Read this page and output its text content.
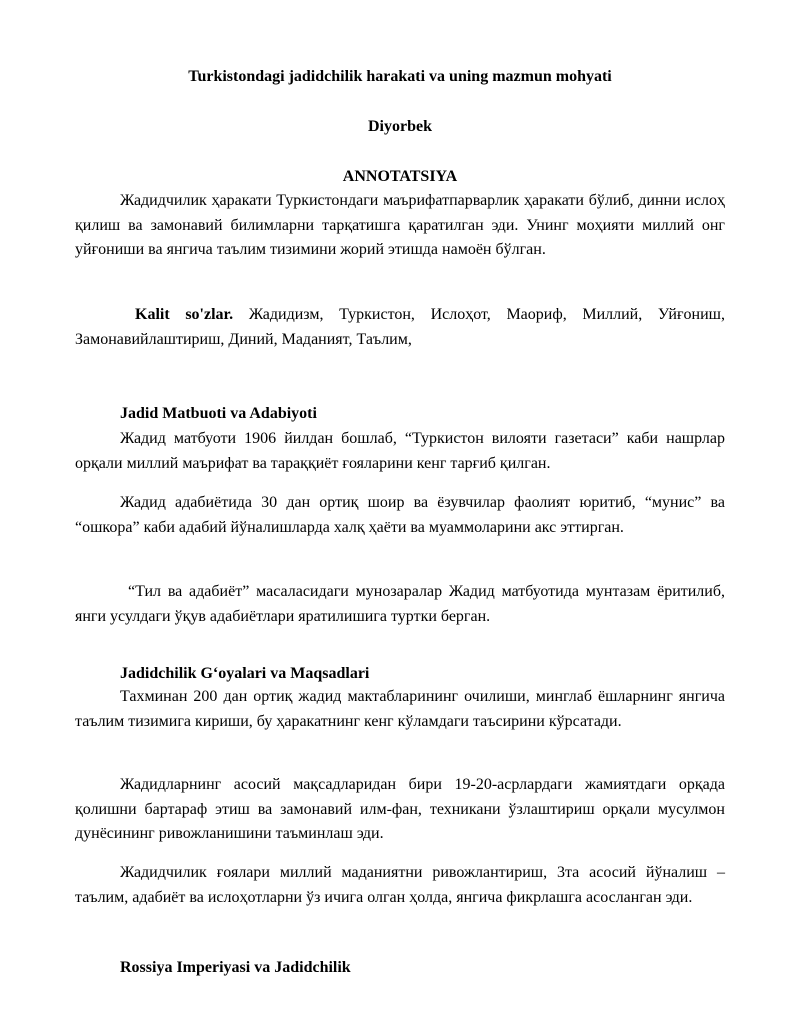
Turkistondagi jadidchilik harakati va uning mazmun mohyati
Diyorbek
ANNOTATSIYA

Жадидчилик ҳаракати Туркистондаги маърифатпарварлик ҳаракати бўлиб, динни ислоҳ қилиш ва замонавий билимларни тарқатишга қаратилган эди. Унинг моҳияти миллий онг уйғониши ва янгича таълим тизимини жорий этишда намоён бўлган.

Kalit so'zlar. Жадидизм, Туркистон, Ислоҳот, Маориф, Миллий, Уйғониш, Замонавийлаштириш, Диний, Маданият, Таълим,

Jadid Matbuoti va Adabiyoti

Жадид матбуоти 1906 йилдан бошлаб, “Туркистон вилояти газетаси” каби нашрлар орқали миллий маърифат ва тараққиёт ғояларини кенг тарғиб қилган.

Жадид адабиётида 30 дан ортиқ шоир ва ёзувчилар фаолият юритиб, “мунис” ва “ошкора” каби адабий йўналишларда халқ ҳаёти ва муаммоларини акс эттирган.

“Тил ва адабиёт” масаласидаги мунозаралар Жадид матбуотида мунтазам ёритилиб, янги усулдаги ўқув адабиётлари яратилишига туртки берган.

Jadidchilik Gʻoyalari va Maqsadlari

Тахминан 200 дан ортиқ жадид мактабларининг очилиши, минглаб ёшларнинг янгича таълим тизимига кириши, бу ҳаракатнинг кенг кўламдаги таъсирини кўрсатади.

Жадидларнинг асосий мақсадларидан бири 19-20-асрлардаги жамиятдаги орқада қолишни бартараф этиш ва замонавий илм-фан, техникани ўзлаштириш орқали мусулмон дунёсининг ривожланишини таъминлаш эди.

Жадидчилик ғоялари миллий маданиятни ривожлантириш, 3та асосий йўналиш – таълим, адабиёт ва ислоҳотларни ўз ичига олган ҳолда, янгича фикрлашга асосланган эди.

Rossiya Imperiyasi va Jadidchilik
